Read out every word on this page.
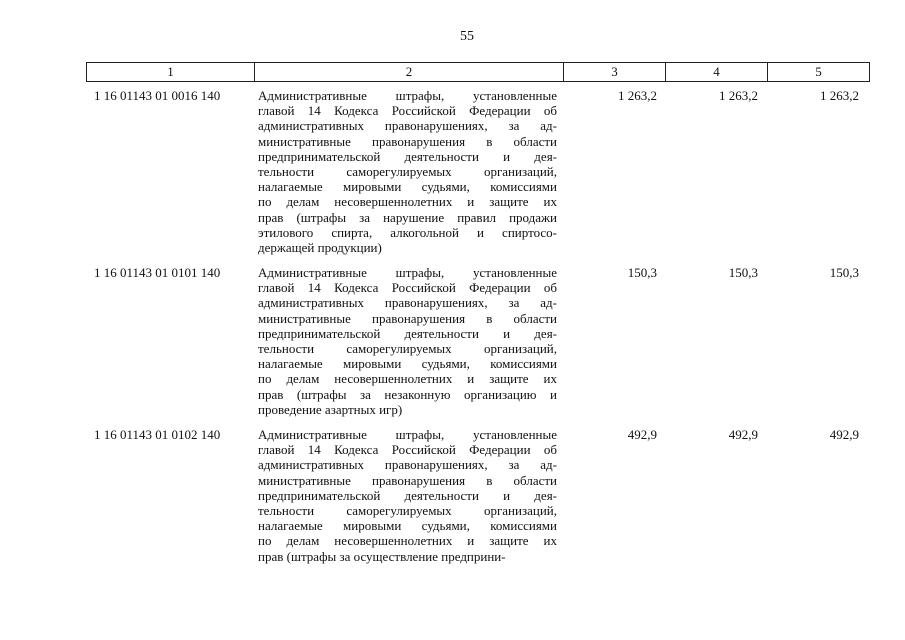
55
1	2	3	4	5
1 16 01143 01 0016 140	Административные штрафы, установленные
главой 14 Кодекса Российской Федерации об
административных правонарушениях, за ад-
министративные правонарушения в области
предпринимательской деятельности и дея-
тельности саморегулируемых организаций,
налагаемые мировыми судьями, комиссиями
по делам несовершеннолетних и защите их
прав (штрафы за нарушение правил продажи
этилового спирта, алкогольной и спиртосо-
держащей продукции)
1 263,2	1 263,2	1 263,2
1 16 01143 01 0101 140	Административные штрафы, установленные
главой 14 Кодекса Российской Федерации об
административных правонарушениях, за ад-
министративные правонарушения в области
предпринимательской деятельности и дея-
тельности саморегулируемых организаций,
налагаемые мировыми судьями, комиссиями
по делам несовершеннолетних и защите их
прав (штрафы за незаконную организацию и
проведение азартных игр)
150,3	150,3	150,3
1 16 01143 01 0102 140	Административные штрафы, установленные
главой 14 Кодекса Российской Федерации об
административных правонарушениях, за ад-
министративные правонарушения в области
предпринимательской деятельности и дея-
тельности саморегулируемых организаций,
налагаемые мировыми судьями, комиссиями
по делам несовершеннолетних и защите их
прав (штрафы за осуществление предприни-
492,9	492,9	492,9
